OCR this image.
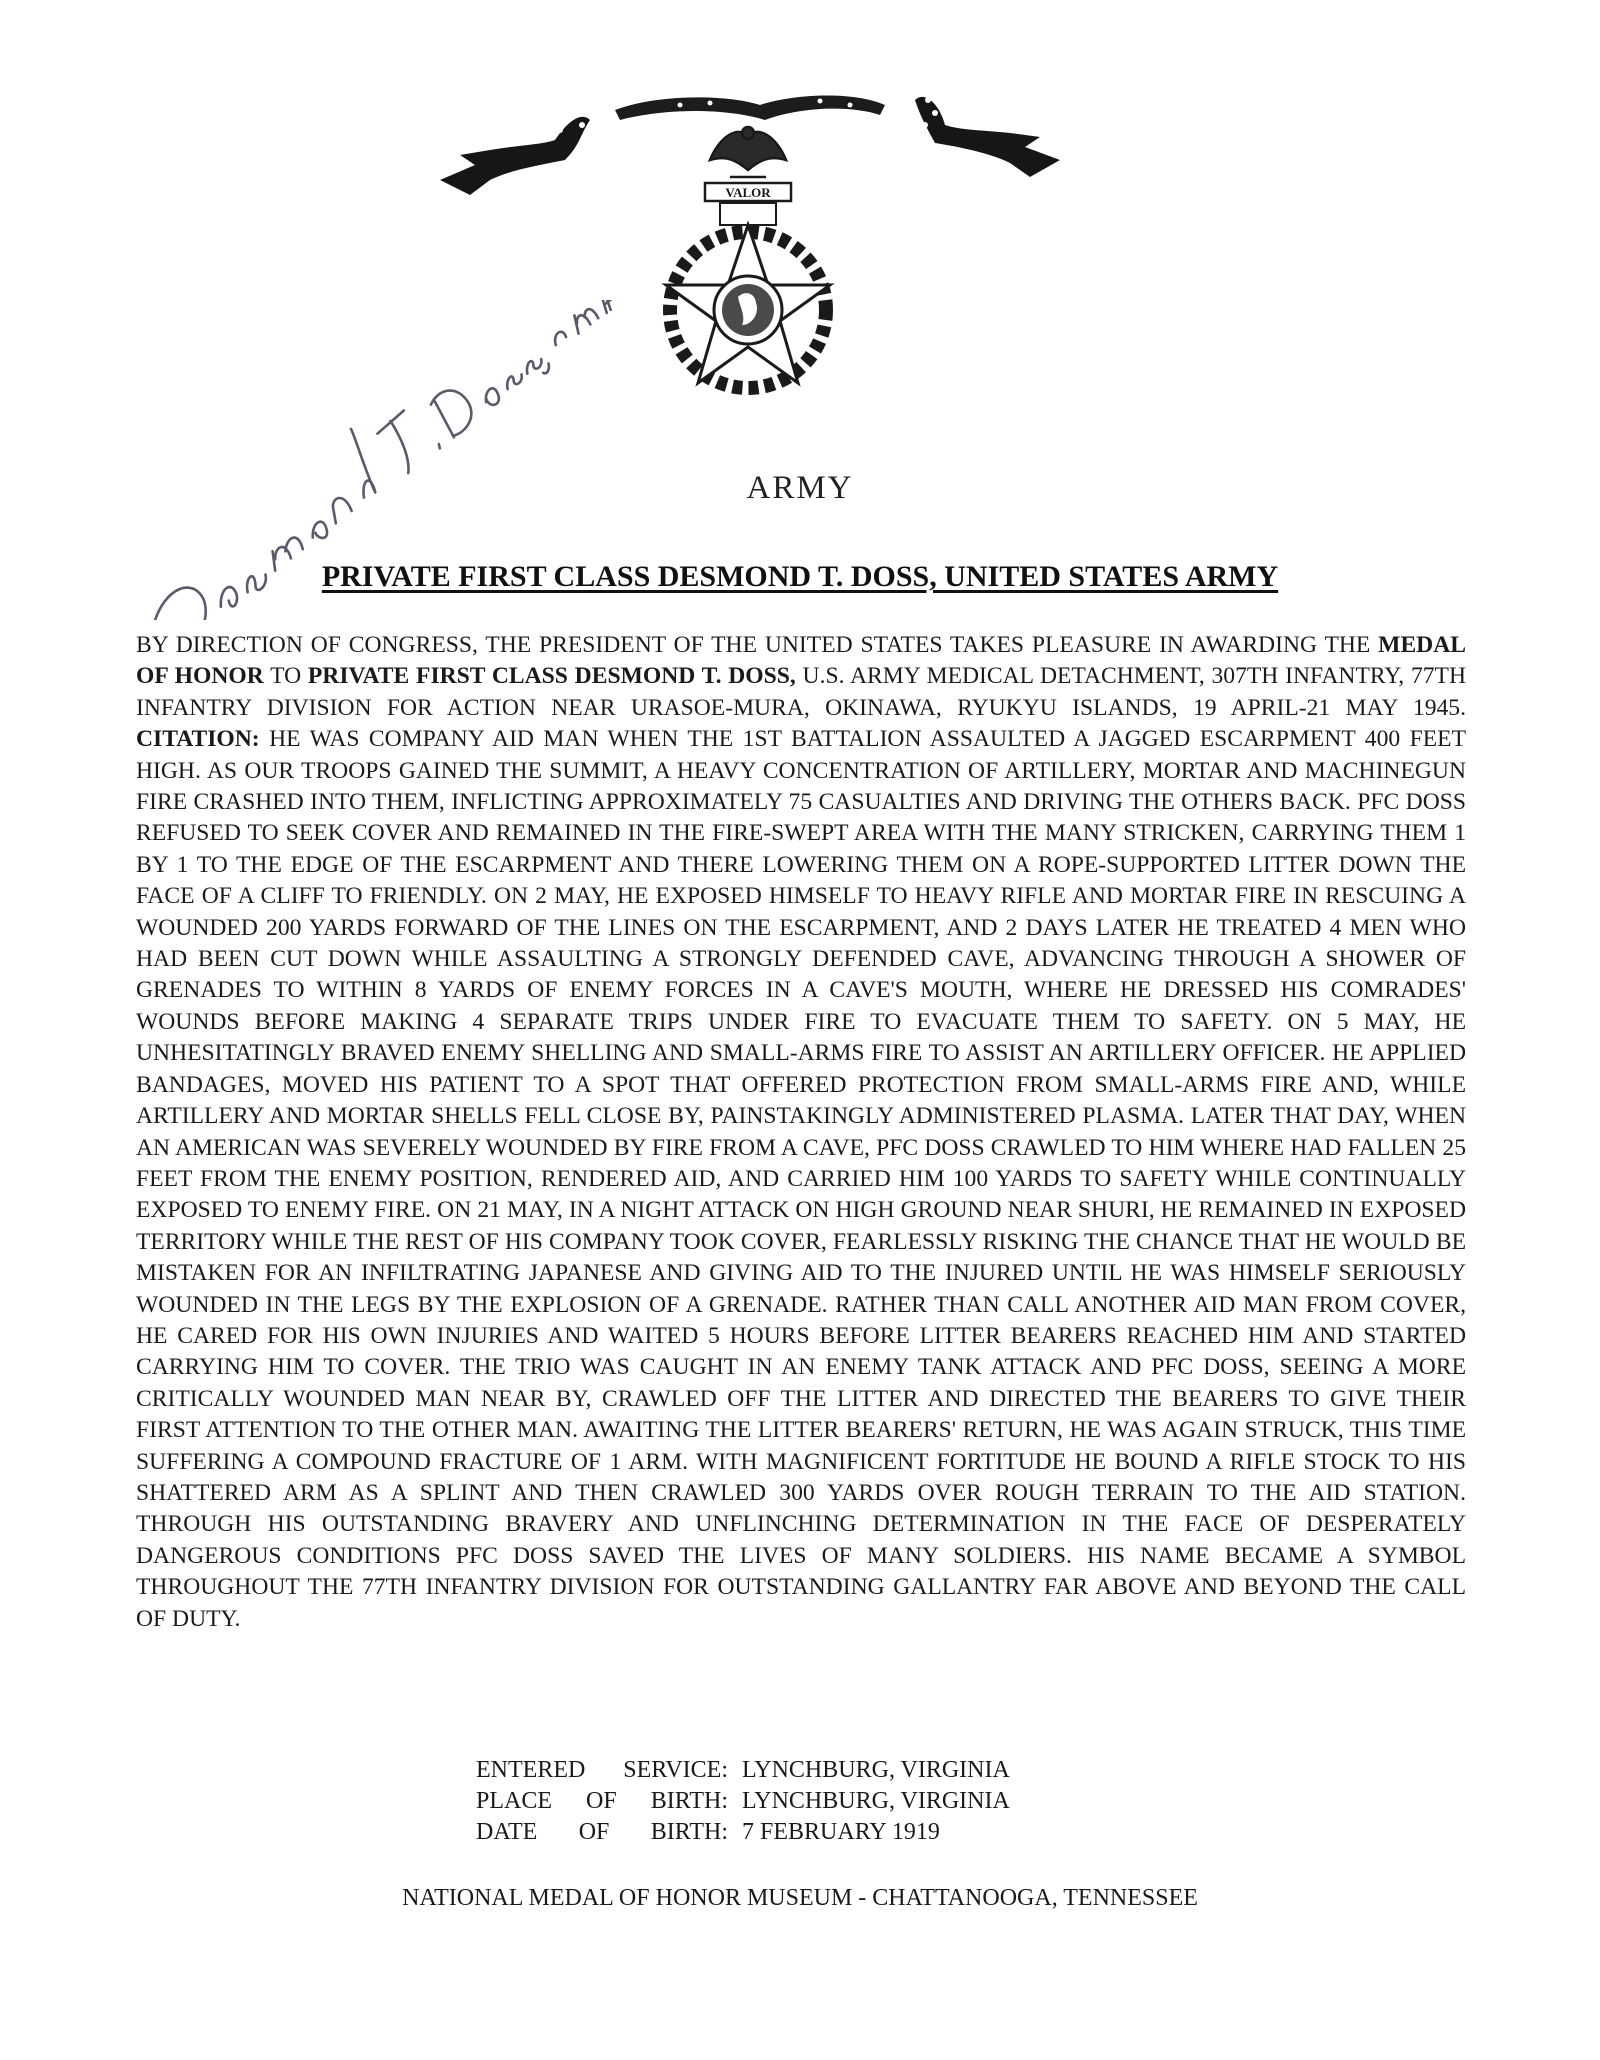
VALOR
ARMY
PRIVATE FIRST CLASS DESMOND T. DOSS, UNITED STATES ARMY
BY DIRECTION OF CONGRESS, THE PRESIDENT OF THE UNITED STATES TAKES PLEASURE IN AWARDING THE MEDAL OF HONOR TO PRIVATE FIRST CLASS DESMOND T. DOSS, U.S. ARMY MEDICAL DETACHMENT, 307TH INFANTRY, 77TH INFANTRY DIVISION FOR ACTION NEAR URASOE-MURA, OKINAWA, RYUKYU ISLANDS, 19 APRIL-21 MAY 1945. CITATION: HE WAS COMPANY AID MAN WHEN THE 1ST BATTALION ASSAULTED A JAGGED ESCARPMENT 400 FEET HIGH. AS OUR TROOPS GAINED THE SUMMIT, A HEAVY CONCENTRATION OF ARTILLERY, MORTAR AND MACHINEGUN FIRE CRASHED INTO THEM, INFLICTING APPROXIMATELY 75 CASUALTIES AND DRIVING THE OTHERS BACK. PFC DOSS REFUSED TO SEEK COVER AND REMAINED IN THE FIRE-SWEPT AREA WITH THE MANY STRICKEN, CARRYING THEM 1 BY 1 TO THE EDGE OF THE ESCARPMENT AND THERE LOWERING THEM ON A ROPE-SUPPORTED LITTER DOWN THE FACE OF A CLIFF TO FRIENDLY. ON 2 MAY, HE EXPOSED HIMSELF TO HEAVY RIFLE AND MORTAR FIRE IN RESCUING A WOUNDED 200 YARDS FORWARD OF THE LINES ON THE ESCARPMENT, AND 2 DAYS LATER HE TREATED 4 MEN WHO HAD BEEN CUT DOWN WHILE ASSAULTING A STRONGLY DEFENDED CAVE, ADVANCING THROUGH A SHOWER OF GRENADES TO WITHIN 8 YARDS OF ENEMY FORCES IN A CAVE'S MOUTH, WHERE HE DRESSED HIS COMRADES' WOUNDS BEFORE MAKING 4 SEPARATE TRIPS UNDER FIRE TO EVACUATE THEM TO SAFETY. ON 5 MAY, HE UNHESITATINGLY BRAVED ENEMY SHELLING AND SMALL-ARMS FIRE TO ASSIST AN ARTILLERY OFFICER. HE APPLIED BANDAGES, MOVED HIS PATIENT TO A SPOT THAT OFFERED PROTECTION FROM SMALL-ARMS FIRE AND, WHILE ARTILLERY AND MORTAR SHELLS FELL CLOSE BY, PAINSTAKINGLY ADMINISTERED PLASMA. LATER THAT DAY, WHEN AN AMERICAN WAS SEVERELY WOUNDED BY FIRE FROM A CAVE, PFC DOSS CRAWLED TO HIM WHERE HAD FALLEN 25 FEET FROM THE ENEMY POSITION, RENDERED AID, AND CARRIED HIM 100 YARDS TO SAFETY WHILE CONTINUALLY EXPOSED TO ENEMY FIRE. ON 21 MAY, IN A NIGHT ATTACK ON HIGH GROUND NEAR SHURI, HE REMAINED IN EXPOSED TERRITORY WHILE THE REST OF HIS COMPANY TOOK COVER, FEARLESSLY RISKING THE CHANCE THAT HE WOULD BE MISTAKEN FOR AN INFILTRATING JAPANESE AND GIVING AID TO THE INJURED UNTIL HE WAS HIMSELF SERIOUSLY WOUNDED IN THE LEGS BY THE EXPLOSION OF A GRENADE. RATHER THAN CALL ANOTHER AID MAN FROM COVER, HE CARED FOR HIS OWN INJURIES AND WAITED 5 HOURS BEFORE LITTER BEARERS REACHED HIM AND STARTED CARRYING HIM TO COVER. THE TRIO WAS CAUGHT IN AN ENEMY TANK ATTACK AND PFC DOSS, SEEING A MORE CRITICALLY WOUNDED MAN NEAR BY, CRAWLED OFF THE LITTER AND DIRECTED THE BEARERS TO GIVE THEIR FIRST ATTENTION TO THE OTHER MAN. AWAITING THE LITTER BEARERS' RETURN, HE WAS AGAIN STRUCK, THIS TIME SUFFERING A COMPOUND FRACTURE OF 1 ARM. WITH MAGNIFICENT FORTITUDE HE BOUND A RIFLE STOCK TO HIS SHATTERED ARM AS A SPLINT AND THEN CRAWLED 300 YARDS OVER ROUGH TERRAIN TO THE AID STATION. THROUGH HIS OUTSTANDING BRAVERY AND UNFLINCHING DETERMINATION IN THE FACE OF DESPERATELY DANGEROUS CONDITIONS PFC DOSS SAVED THE LIVES OF MANY SOLDIERS. HIS NAME BECAME A SYMBOL THROUGHOUT THE 77TH INFANTRY DIVISION FOR OUTSTANDING GALLANTRY FAR ABOVE AND BEYOND THE CALL OF DUTY.
ENTERED SERVICE: LYNCHBURG, VIRGINIA
PLACE OF BIRTH: LYNCHBURG, VIRGINIA
DATE OF BIRTH: 7 FEBRUARY 1919
NATIONAL MEDAL OF HONOR MUSEUM - CHATTANOOGA, TENNESSEE
